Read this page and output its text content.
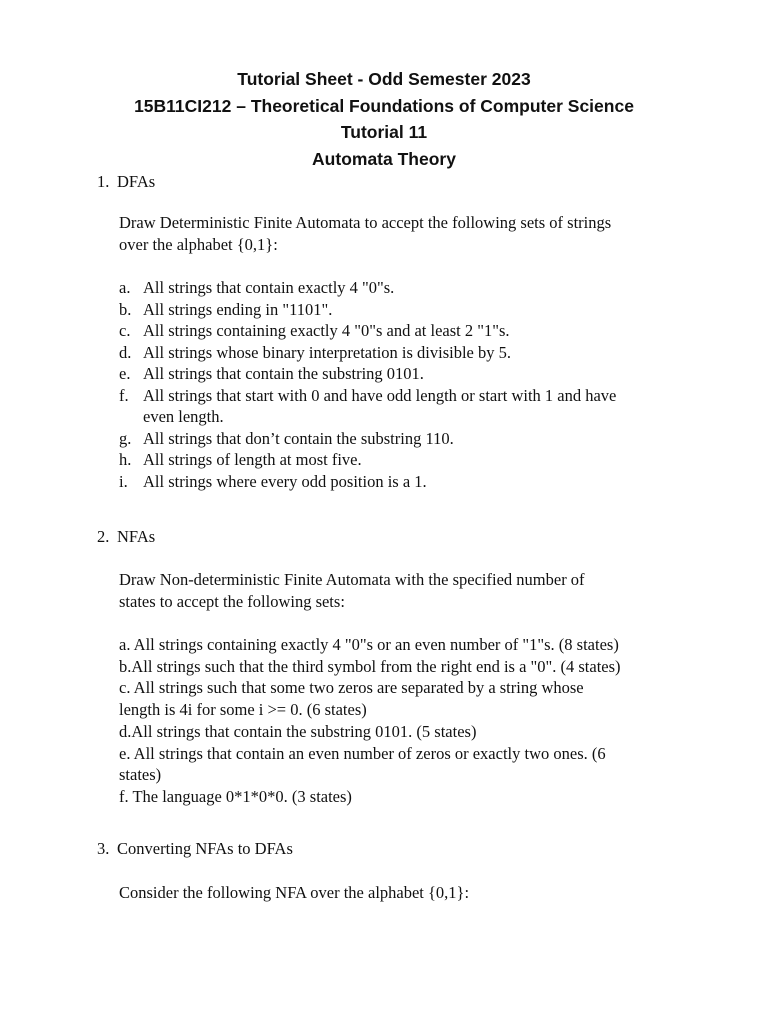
Tutorial Sheet - Odd Semester 2023
15B11CI212 – Theoretical Foundations of Computer Science
Tutorial 11
Automata Theory
1. DFAs
Draw Deterministic Finite Automata to accept the following sets of strings
over the alphabet {0,1}:
a. All strings that contain exactly 4 "0"s.
b. All strings ending in "1101".
c. All strings containing exactly 4 "0"s and at least 2 "1"s.
d. All strings whose binary interpretation is divisible by 5.
e. All strings that contain the substring 0101.
f. All strings that start with 0 and have odd length or start with 1 and have
even length.
g. All strings that don’t contain the substring 110.
h. All strings of length at most five.
i. All strings where every odd position is a 1.
2. NFAs
Draw Non-deterministic Finite Automata with the specified number of
states to accept the following sets:
a. All strings containing exactly 4 "0"s or an even number of "1"s. (8 states)
b.All strings such that the third symbol from the right end is a "0". (4 states)
c. All strings such that some two zeros are separated by a string whose
length is 4i for some i >= 0. (6 states)
d.All strings that contain the substring 0101. (5 states)
e. All strings that contain an even number of zeros or exactly two ones. (6
states)
f. The language 0*1*0*0. (3 states)
3. Converting NFAs to DFAs
Consider the following NFA over the alphabet {0,1}:
